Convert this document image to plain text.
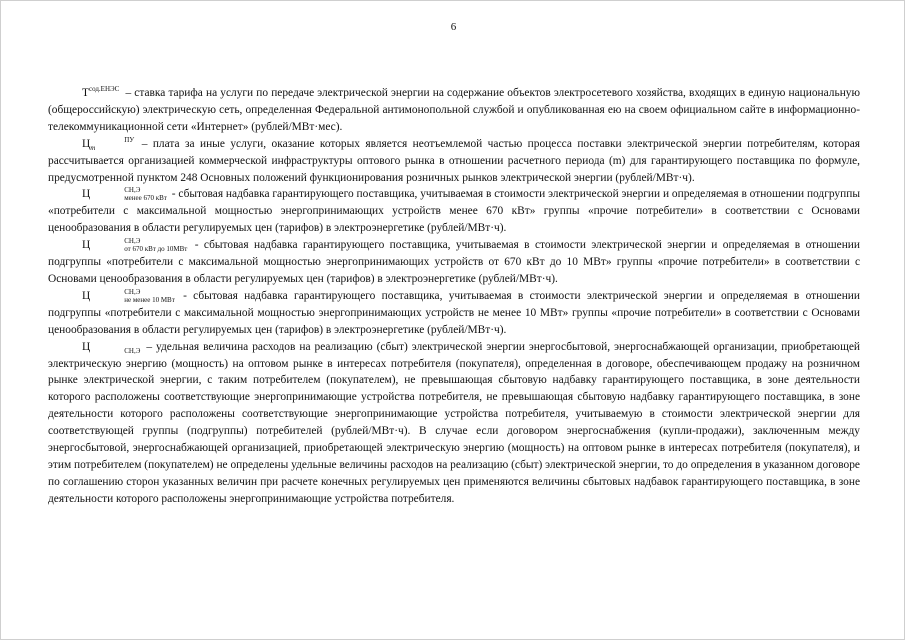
6

$T^{сод.ЕНЭС}$ – ставка тарифа на услуги по передаче электрической энергии на содержание объектов электросетевого хозяйства, входящих в единую национальную (общероссийскую) электрическую сеть, определенная Федеральной антимонопольной службой и опубликованная ею на своем официальном сайте в информационно-телекоммуникационной сети «Интернет» (рублей/МВт·мес).

Ц	ПУ
m	– плата за иные услуги, оказание которых является неотъемлемой частью процесса поставки электрической энергии потребителям, которая рассчитывается организацией коммерческой инфраструктуры оптового рынка в отношении расчетного периода (m) для гарантирующего поставщика по формуле, предусмотренной пунктом 248 Основных положений функционирования розничных рынков электрической энергии (рублей/МВт·ч).

Ц	СН,Э
менее 670 кВт - сбытовая надбавка гарантирующего поставщика, учитываемая в стоимости электрической энергии и определяемая в отношении подгруппы «потребители с максимальной мощностью энергопринимающих устройств менее 670 кВт» группы «прочие потребители» в соответствии с Основами ценообразования в области регулируемых цен (тарифов) в электроэнергетике (рублей/МВт·ч).

Ц	СН,Э
от 670 кВт до 10МВт - сбытовая надбавка гарантирующего поставщика, учитываемая в стоимости электрической энергии и определяемая в отношении подгруппы «потребители с максимальной мощностью энергопринимающих устройств от 670 кВт до 10 МВт» группы «прочие потребители» в соответствии с Основами ценообразования в области регулируемых цен (тарифов) в электроэнергетике (рублей/МВт·ч).

Ц	СН,Э
не менее 10 МВт - сбытовая надбавка гарантирующего поставщика, учитываемая в стоимости электрической энергии и определяемая в отношении подгруппы «потребители с максимальной мощностью энергопринимающих устройств не менее 10 МВт» группы «прочие потребители» в соответствии с Основами ценообразования в области регулируемых цен (тарифов) в электроэнергетике (рублей/МВт·ч).

Ц	СН,Э – удельная величина расходов на реализацию (сбыт) электрической энергии энергосбытовой, энергоснабжающей организации, приобретающей электрическую энергию (мощность) на оптовом рынке в интересах потребителя (покупателя), определенная в договоре, обеспечивающем продажу на розничном рынке электрической энергии, с таким потребителем (покупателем), не превышающая сбытовую надбавку гарантирующего поставщика, в зоне деятельности которого расположены соответствующие энергопринимающие устройства потребителя, не превышающая сбытовую надбавку гарантирующего поставщика, в зоне деятельности которого расположены соответствующие энергопринимающие устройства потребителя, учитываемую в стоимости электрической энергии для соответствующей группы (подгруппы) потребителей (рублей/МВт·ч). В случае если договором энергоснабжения (купли-продажи), заключенным между энергосбытовой, энергоснабжающей организацией, приобретающей электрическую энергию (мощность) на оптовом рынке в интересах потребителя (покупателя), и этим потребителем (покупателем) не определены удельные величины расходов на реализацию (сбыт) электрической энергии, то до определения в указанном договоре по соглашению сторон указанных величин при расчете конечных регулируемых цен применяются величины сбытовых надбавок гарантирующего поставщика, в зоне деятельности которого расположены энергопринимающие устройства потребителя.
